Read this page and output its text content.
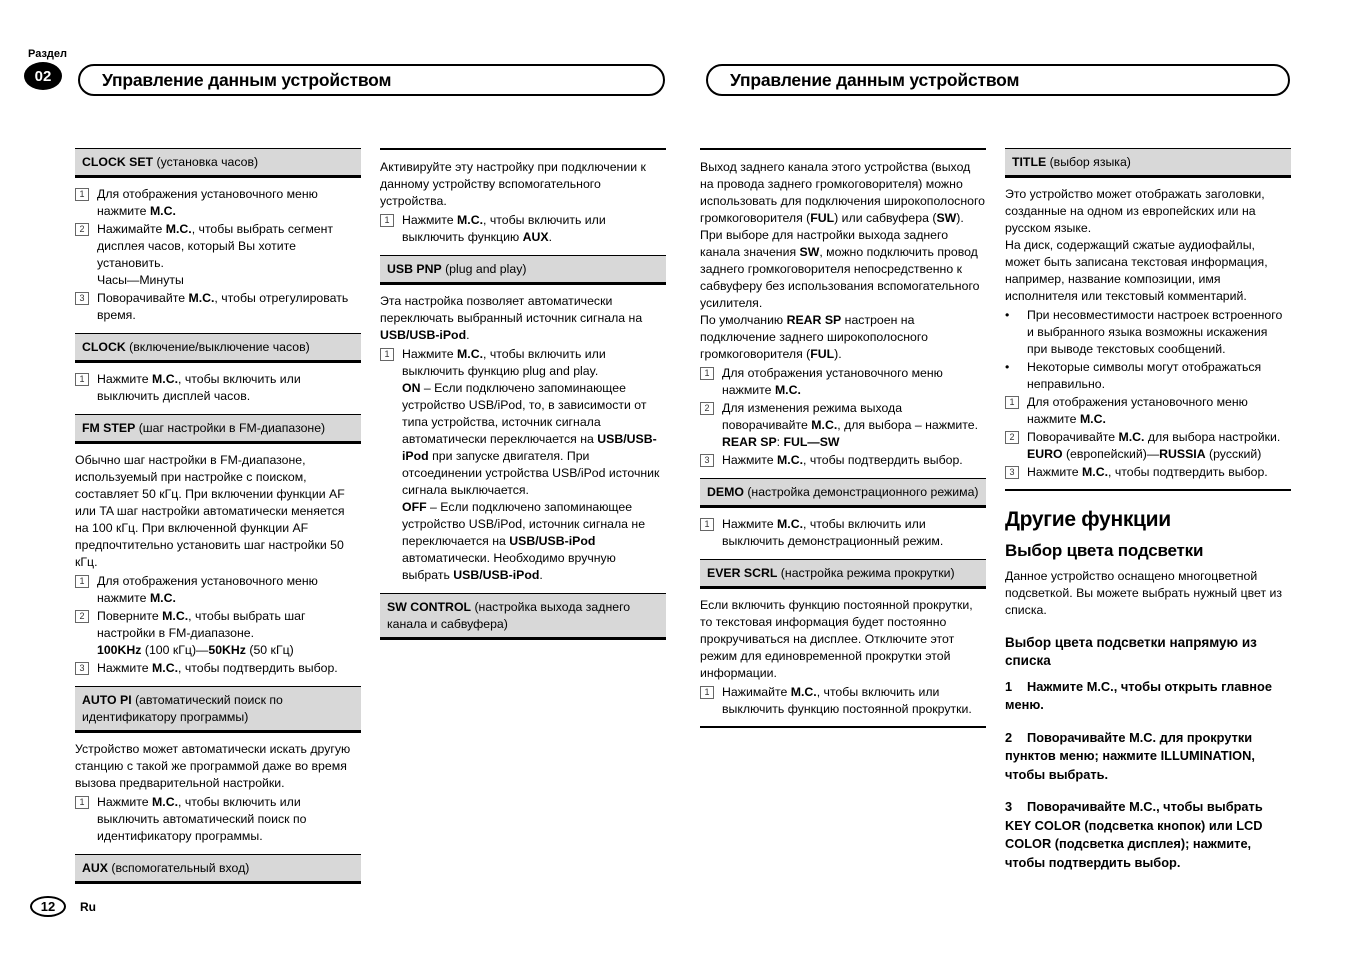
Раздел
02	Управление данным устройством	Управление данным устройством
CLOCK SET (установка часов)
1	Для отображения установочного меню нажмите М.С.
2	Нажимайте М.С., чтобы выбрать сегмент дисплея часов, который Вы хотите установить.
Часы—Минуты
3	Поворачивайте М.С., чтобы отрегулировать время.
CLOCK (включение/выключение часов)
1	Нажмите М.С., чтобы включить или выключить дисплей часов.
FM STEP (шаг настройки в FM-диапазоне)
Обычно шаг настройки в FM-диапазоне, используемый при настройке с поиском, составляет 50 кГц. При включении функции AF или TA шаг настройки автоматически меняется на 100 кГц. При включенной функции AF предпочтительно установить шаг настройки 50 кГц.
1	Для отображения установочного меню нажмите М.С.
2	Поверните М.С., чтобы выбрать шаг настройки в FM-диапазоне.
100KHz (100 кГц)—50KHz (50 кГц)
3	Нажмите М.С., чтобы подтвердить выбор.
AUTO PI (автоматический поиск по идентификатору программы)
Устройство может автоматически искать другую станцию с такой же программой даже во время вызова предварительной настройки.
1	Нажмите М.С., чтобы включить или выключить автоматический поиск по идентификатору программы.
AUX (вспомогательный вход)
Активируйте эту настройку при подключении к данному устройству вспомогательного устройства.
1	Нажмите М.С., чтобы включить или выключить функцию AUX.
USB PNP (plug and play)
Эта настройка позволяет автоматически переключать выбранный источник сигнала на USB/USB-iPod.
1	Нажмите М.С., чтобы включить или выключить функцию plug and play.
ON – Если подключено запоминающее устройство USB/iPod, то, в зависимости от типа устройства, источник сигнала автоматически переключается на USB/USB-iPod при запуске двигателя. При отсоединении устройства USB/iPod источник сигнала выключается.
OFF – Если подключено запоминающее устройство USB/iPod, источник сигнала не переключается на USB/USB-iPod автоматически. Необходимо вручную выбрать USB/USB-iPod.
SW CONTROL (настройка выхода заднего канала и сабвуфера)
Выход заднего канала этого устройства (выход на провода заднего громкоговорителя) можно использовать для подключения широкополосного громкоговорителя (FUL) или сабвуфера (SW). При выборе для настройки выхода заднего канала значения SW, можно подключить провод заднего громкоговорителя непосредственно к сабвуферу без использования вспомогательного усилителя.
По умолчанию REAR SP настроен на подключение заднего широкополосного громкоговорителя (FUL).
1	Для отображения установочного меню нажмите М.С.
2	Для изменения режима выхода поворачивайте М.С., для выбора – нажмите.
REAR SP: FUL—SW
3	Нажмите М.С., чтобы подтвердить выбор.
DEMO (настройка демонстрационного режима)
1	Нажмите М.С., чтобы включить или выключить демонстрационный режим.
EVER SCRL (настройка режима прокрутки)
Если включить функцию постоянной прокрутки, то текстовая информация будет постоянно прокручиваться на дисплее. Отключите этот режим для единовременной прокрутки этой информации.
1	Нажимайте М.С., чтобы включить или выключить функцию постоянной прокрутки.
TITLE (выбор языка)
Это устройство может отображать заголовки, созданные на одном из европейских или на русском языке.
На диск, содержащий сжатые аудиофайлы, может быть записана текстовая информация, например, название композиции, имя исполнителя или текстовый комментарий.
•	При несовместимости настроек встроенного и выбранного языка возможны искажения при выводе текстовых сообщений.
•	Некоторые символы могут отображаться неправильно.
1	Для отображения установочного меню нажмите М.С.
2	Поворачивайте М.С. для выбора настройки.
EURO (европейский)—RUSSIA (русский)
3	Нажмите М.С., чтобы подтвердить выбор.
Другие функции
Выбор цвета подсветки
Данное устройство оснащено многоцветной подсветкой. Вы можете выбрать нужный цвет из списка.
Выбор цвета подсветки напрямую из списка
1 Нажмите M.C., чтобы открыть главное меню.
2 Поворачивайте M.C. для прокрутки пунктов меню; нажмите ILLUMINATION, чтобы выбрать.
3 Поворачивайте M.C., чтобы выбрать KEY COLOR (подсветка кнопок) или LCD COLOR (подсветка дисплея); нажмите, чтобы подтвердить выбор.
12	Ru
